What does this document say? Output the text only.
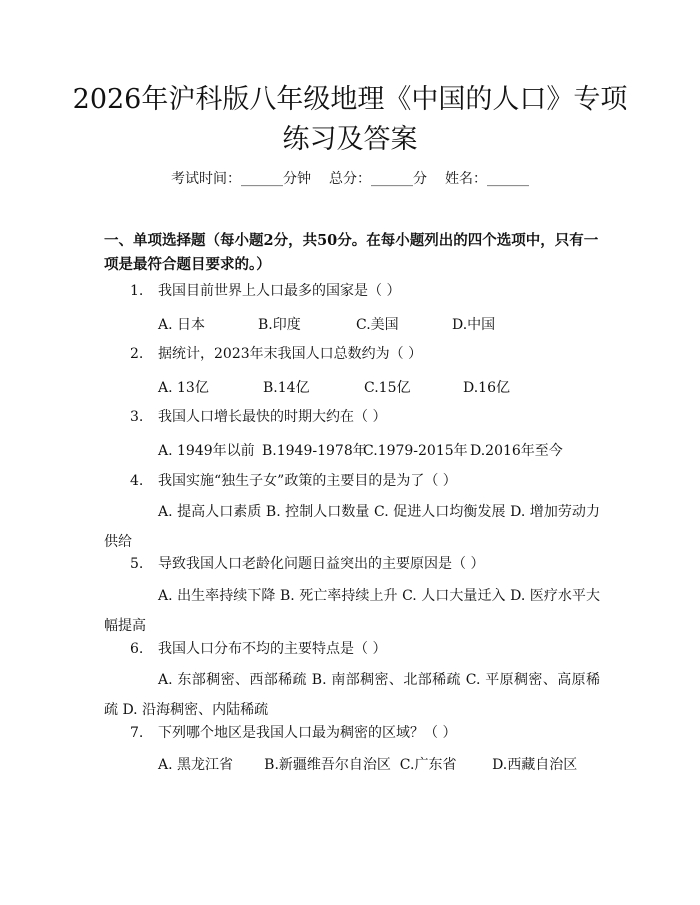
2026年沪科版八年级地理《中国的人口》专项练习及答案
考试时间：______分钟 总分：______分 姓名：______
一、单项选择题（每小题2分，共50分。在每小题列出的四个选项中，只有一项是最符合题目要求的。）
1. 我国目前世界上人口最多的国家是（ ）
A. 日本	B.印度	C.美国	D.中国
2. 据统计，2023年末我国人口总数约为（ ）
A. 13亿	B.14亿	C.15亿	D.16亿
3. 我国人口增长最快的时期大约在（ ）
A. 1949年以前 B.1949-1978年
C.1979-2015年 D.2016年至今
4. 我国实施“独生子女”政策的主要目的是为了（ ）
A. 提高人口素质 B. 控制人口数量 C. 促进人口均衡发展 D. 增加劳动力供给
5. 导致我国人口老龄化问题日益突出的主要原因是（ ）
A. 出生率持续下降 B. 死亡率持续上升 C. 人口大量迁入 D. 医疗水平大幅提高
6. 我国人口分布不均的主要特点是（ ）
A. 东部稠密、西部稀疏 B. 南部稠密、北部稀疏 C. 平原稠密、高原稀疏 D. 沿海稠密、内陆稀疏
7. 下列哪个地区是我国人口最为稠密的区域？（ ）
A. 黑龙江省       B.新疆维吾尔自治区  C.广东省        D.西藏自治区
